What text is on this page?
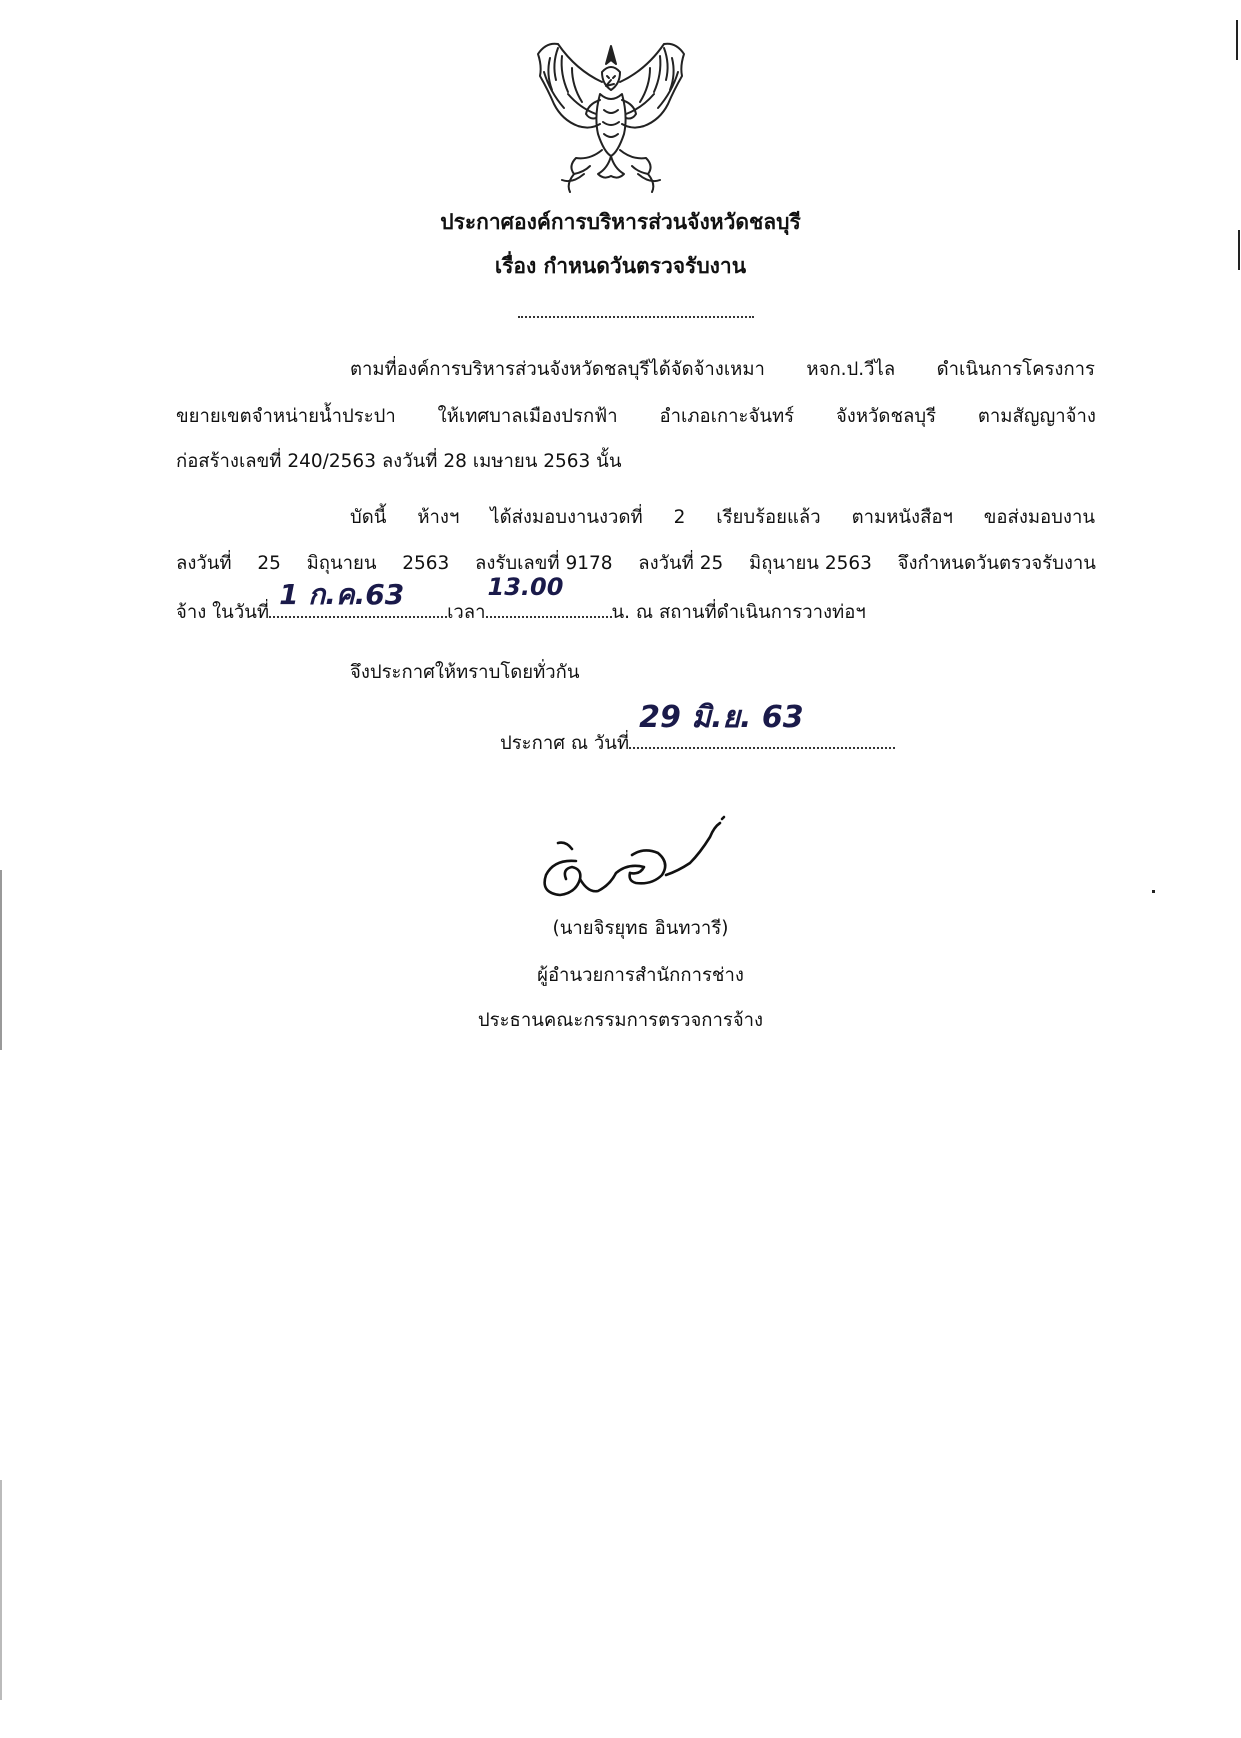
ประกาศองค์การบริหารส่วนจังหวัดชลบุรี
เรื่อง กำหนดวันตรวจรับงาน
ตามที่องค์การบริหารส่วนจังหวัดชลบุรีได้จัดจ้างเหมา หจก.ป.วีไล ดำเนินการโครงการ
ขยายเขตจำหน่ายน้ำประปา ให้เทศบาลเมืองปรกฟ้า อำเภอเกาะจันทร์ จังหวัดชลบุรี ตามสัญญาจ้าง
ก่อสร้างเลขที่ 240/2563 ลงวันที่ 28 เมษายน 2563 นั้น
บัดนี้ ห้างฯ ได้ส่งมอบงานงวดที่ 2 เรียบร้อยแล้ว ตามหนังสือฯ ขอส่งมอบงาน
ลงวันที่ 25 มิถุนายน 2563 ลงรับเลขที่ 9178 ลงวันที่ 25 มิถุนายน 2563 จึงกำหนดวันตรวจรับงาน
จ้าง ในวันที่
1 ก.ค.63
เวลา
13.00
น. ณ สถานที่ดำเนินการวางท่อฯ
จึงประกาศให้ทราบโดยทั่วกัน
ประกาศ ณ วันที่
29 มิ.ย. 63
(นายจิรยุทธ อินทวารี)
ผู้อำนวยการสำนักการช่าง
ประธานคณะกรรมการตรวจการจ้าง
